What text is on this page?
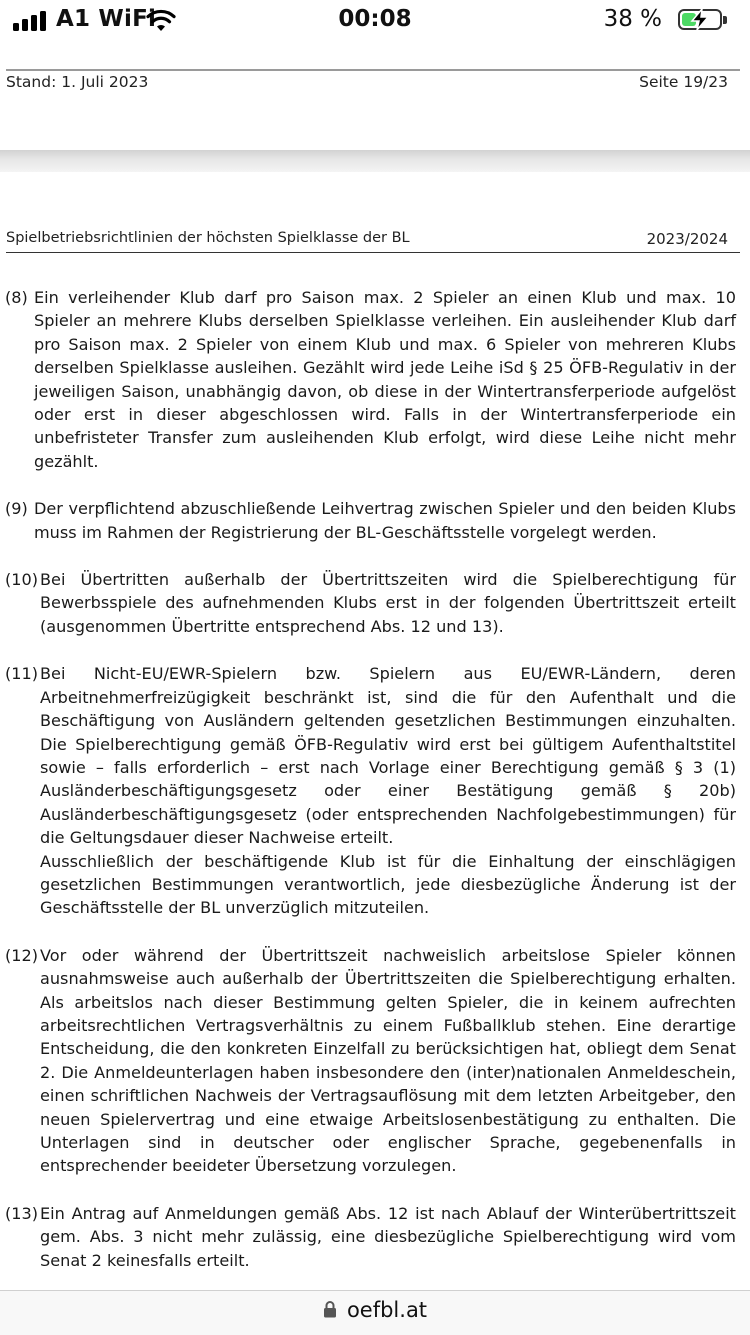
A1 WiFi	00:08	38 %
Stand: 1. Juli 2023	Seite 19/23
Spielbetriebsrichtlinien der höchsten Spielklasse der BL	2023/2024
(8) Ein verleihender Klub darf pro Saison max. 2 Spieler an einen Klub und max. 10 Spieler an mehrere Klubs derselben Spielklasse verleihen. Ein ausleihender Klub darf pro Saison max. 2 Spieler von einem Klub und max. 6 Spieler von mehreren Klubs derselben Spielklasse ausleihen. Gezählt wird jede Leihe iSd § 25 ÖFB-Regulativ in der jeweiligen Saison, unabhängig davon, ob diese in der Wintertransferperiode aufgelöst oder erst in dieser abgeschlossen wird. Falls in der Wintertransferperiode ein unbefristeter Transfer zum ausleihenden Klub erfolgt, wird diese Leihe nicht mehr gezählt.
(9) Der verpflichtend abzuschließende Leihvertrag zwischen Spieler und den beiden Klubs muss im Rahmen der Registrierung der BL-Geschäftsstelle vorgelegt werden.
(10) Bei Übertritten außerhalb der Übertrittszeiten wird die Spielberechtigung für Bewerbsspiele des aufnehmenden Klubs erst in der folgenden Übertrittszeit erteilt (ausgenommen Übertritte entsprechend Abs. 12 und 13).
(11) Bei Nicht-EU/EWR-Spielern bzw. Spielern aus EU/EWR-Ländern, deren Arbeitnehmerfreizügigkeit beschränkt ist, sind die für den Aufenthalt und die Beschäftigung von Ausländern geltenden gesetzlichen Bestimmungen einzuhalten. Die Spielberechtigung gemäß ÖFB-Regulativ wird erst bei gültigem Aufenthaltstitel sowie – falls erforderlich – erst nach Vorlage einer Berechtigung gemäß § 3 (1) Ausländerbeschäftigungsgesetz oder einer Bestätigung gemäß § 20b) Ausländerbeschäftigungsgesetz (oder entsprechenden Nachfolgebestimmungen) für die Geltungsdauer dieser Nachweise erteilt.
Ausschließlich der beschäftigende Klub ist für die Einhaltung der einschlägigen gesetzlichen Bestimmungen verantwortlich, jede diesbezügliche Änderung ist der Geschäftsstelle der BL unverzüglich mitzuteilen.
(12) Vor oder während der Übertrittszeit nachweislich arbeitslose Spieler können ausnahmsweise auch außerhalb der Übertrittszeiten die Spielberechtigung erhalten. Als arbeitslos nach dieser Bestimmung gelten Spieler, die in keinem aufrechten arbeitsrechtlichen Vertragsverhältnis zu einem Fußballklub stehen. Eine derartige Entscheidung, die den konkreten Einzelfall zu berücksichtigen hat, obliegt dem Senat 2. Die Anmeldeunterlagen haben insbesondere den (inter)nationalen Anmeldeschein, einen schriftlichen Nachweis der Vertragsauflösung mit dem letzten Arbeitgeber, den neuen Spielervertrag und eine etwaige Arbeitslosenbestätigung zu enthalten. Die Unterlagen sind in deutscher oder englischer Sprache, gegebenenfalls in entsprechender beeideter Übersetzung vorzulegen.
(13) Ein Antrag auf Anmeldungen gemäß Abs. 12 ist nach Ablauf der Winterübertrittszeit gem. Abs. 3 nicht mehr zulässig, eine diesbezügliche Spielberechtigung wird vom Senat 2 keinesfalls erteilt.
oefbl.at
